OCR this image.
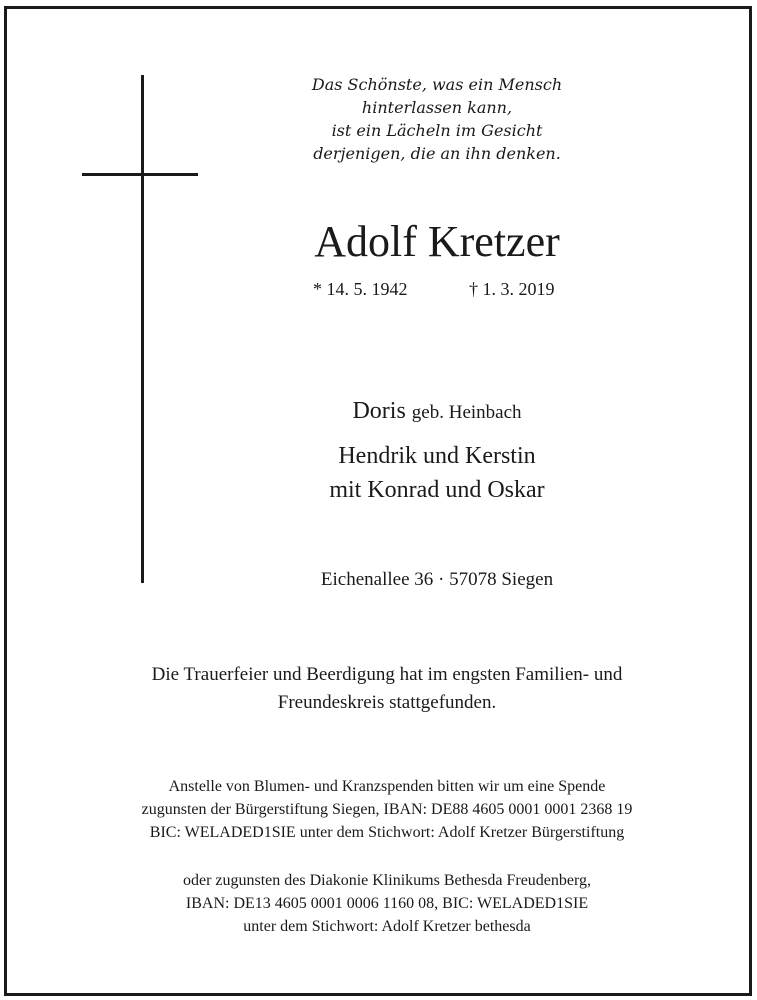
Das Schönste, was ein Mensch
hinterlassen kann,
ist ein Lächeln im Gesicht
derjenigen, die an ihn denken.
Adolf Kretzer
* 14. 5. 1942	† 1. 3. 2019
Doris geb. Heinbach
Hendrik und Kerstin
mit Konrad und Oskar
Eichenallee 36 · 57078 Siegen
Die Trauerfeier und Beerdigung hat im engsten Familien- und
Freundeskreis stattgefunden.
Anstelle von Blumen- und Kranzspenden bitten wir um eine Spende
zugunsten der Bürgerstiftung Siegen, IBAN: DE88 4605 0001 0001 2368 19
BIC: WELADED1SIE unter dem Stichwort: Adolf Kretzer Bürgerstiftung
oder zugunsten des Diakonie Klinikums Bethesda Freudenberg,
IBAN: DE13 4605 0001 0006 1160 08, BIC: WELADED1SIE
unter dem Stichwort: Adolf Kretzer bethesda
